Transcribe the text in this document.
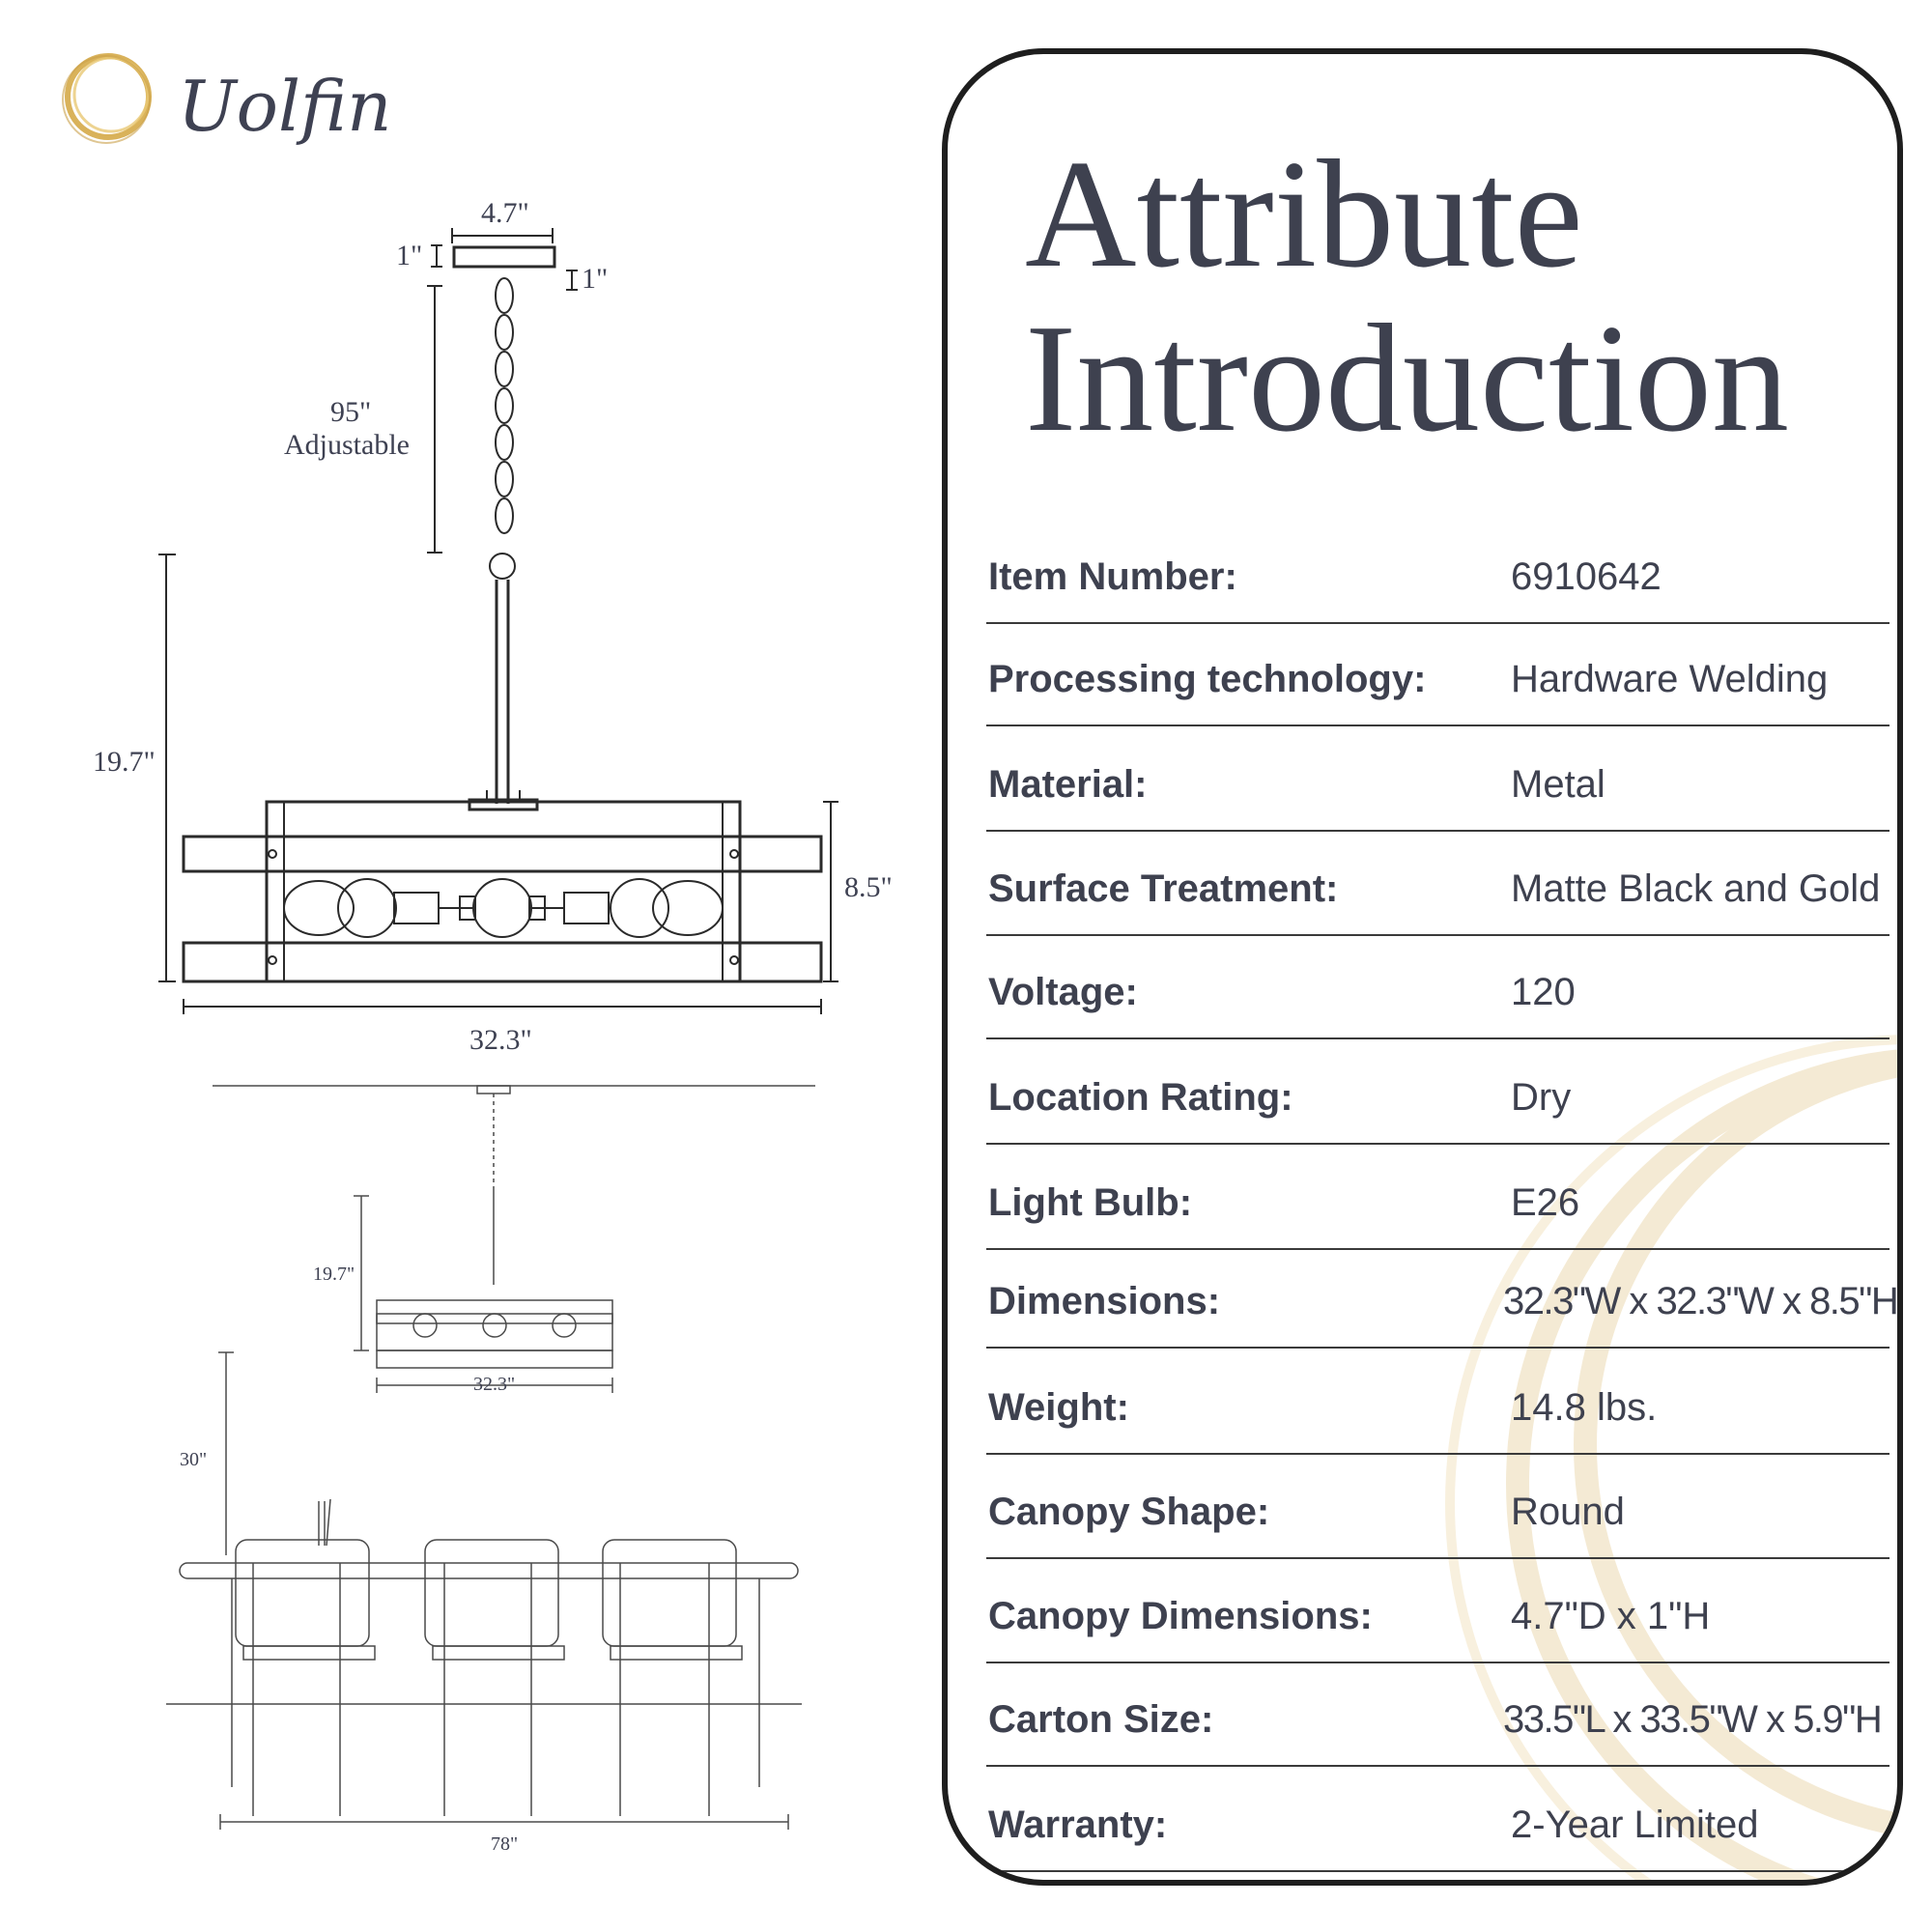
Uolfin
4.7"
1"
1"
95"
Adjustable
19.7"
8.5"
32.3"
19.7"
32.3"
30"
78"
Attribute
Introduction
Item Number:	6910642
Processing technology: Hardware Welding
Material:	Metal
Surface Treatment:	Matte Black and Gold
Voltage:	120
Location Rating:	Dry
Light Bulb:	E26
Dimensions:	32.3"W x 32.3"W x 8.5"H
Weight:	14.8 lbs.
Canopy Shape:	Round
Canopy Dimensions:	4.7"D x 1"H
Carton Size:	33.5"L x 33.5"W x 5.9"H
Warranty:	2-Year Limited
